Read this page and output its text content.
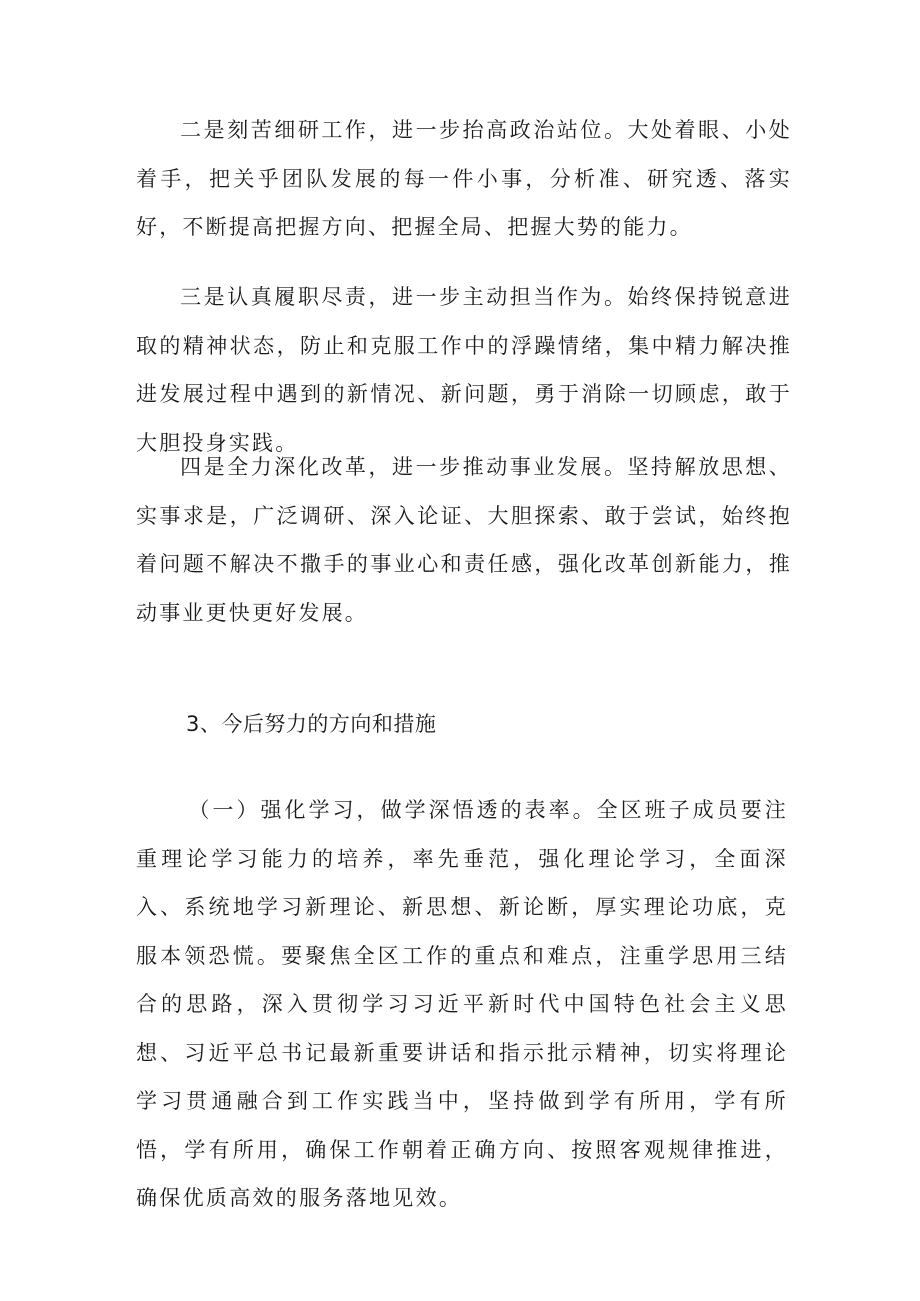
二是刻苦细研工作，进一步抬高政治站位。大处着眼、小处着手，把关乎团队发展的每一件小事，分析准、研究透、落实好，不断提高把握方向、把握全局、把握大势的能力。

三是认真履职尽责，进一步主动担当作为。始终保持锐意进取的精神状态，防止和克服工作中的浮躁情绪，集中精力解决推进发展过程中遇到的新情况、新问题，勇于消除一切顾虑，敢于大胆投身实践。

四是全力深化改革，进一步推动事业发展。坚持解放思想、实事求是，广泛调研、深入论证、大胆探索、敢于尝试，始终抱着问题不解决不撒手的事业心和责任感，强化改革创新能力，推动事业更快更好发展。

3、今后努力的方向和措施

（一）强化学习，做学深悟透的表率。全区班子成员要注重理论学习能力的培养，率先垂范，强化理论学习，全面深入、系统地学习新理论、新思想、新论断，厚实理论功底，克服本领恐慌。要聚焦全区工作的重点和难点，注重学思用三结合的思路，深入贯彻学习习近平新时代中国特色社会主义思想、习近平总书记最新重要讲话和指示批示精神，切实将理论学习贯通融合到工作实践当中，坚持做到学有所用，学有所悟，学有所用，确保工作朝着正确方向、按照客观规律推进，确保优质高效的服务落地见效。
